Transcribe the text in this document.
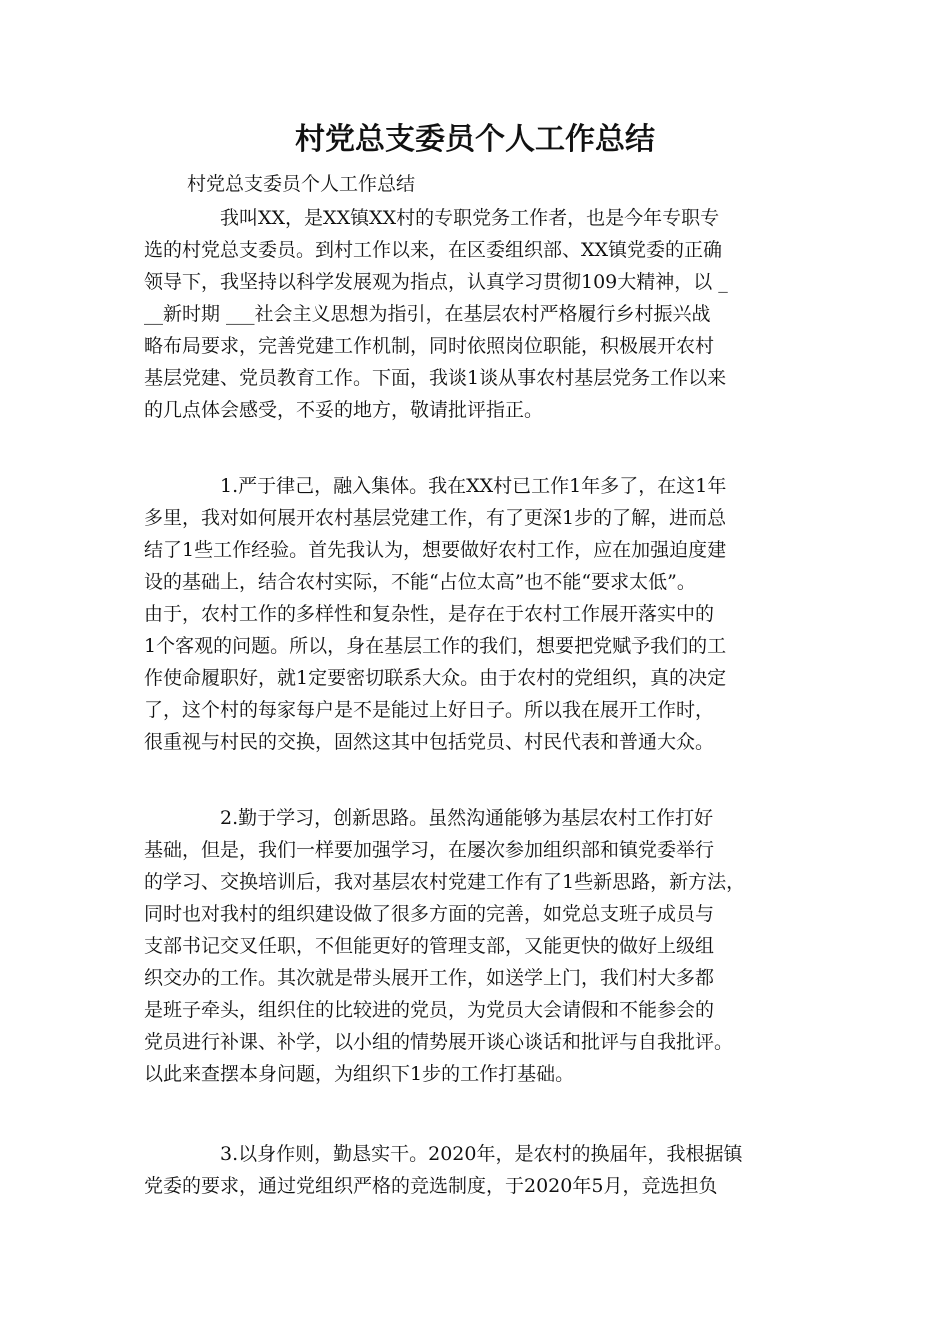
村党总支委员个人工作总结

村党总支委员个人工作总结

我叫XX，是XX镇XX村的专职党务工作者，也是今年专职专
选的村党总支委员。到村工作以来，在区委组织部、XX镇党委的正确
领导下，我坚持以科学发展观为指点，认真学习贯彻109大精神，以 _
__新时期 ___社会主义思想为指引，在基层农村严格履行乡村振兴战
略布局要求，完善党建工作机制，同时依照岗位职能，积极展开农村
基层党建、党员教育工作。下面，我谈1谈从事农村基层党务工作以来
的几点体会感受，不妥的地方，敬请批评指正。
1.严于律己，融入集体。我在XX村已工作1年多了，在这1年
多里，我对如何展开农村基层党建工作，有了更深1步的了解，进而总
结了1些工作经验。首先我认为，想要做好农村工作，应在加强迫度建
设的基础上，结合农村实际，不能“占位太高”也不能“要求太低”。
由于，农村工作的多样性和复杂性，是存在于农村工作展开落实中的
1个客观的问题。所以，身在基层工作的我们，想要把党赋予我们的工
作使命履职好，就1定要密切联系大众。由于农村的党组织，真的决定
了，这个村的每家每户是不是能过上好日子。所以我在展开工作时，
很重视与村民的交换，固然这其中包括党员、村民代表和普通大众。
2.勤于学习，创新思路。虽然沟通能够为基层农村工作打好
基础，但是，我们一样要加强学习，在屡次参加组织部和镇党委举行
的学习、交换培训后，我对基层农村党建工作有了1些新思路，新方法，
同时也对我村的组织建设做了很多方面的完善，如党总支班子成员与
支部书记交叉任职，不但能更好的管理支部，又能更快的做好上级组
织交办的工作。其次就是带头展开工作，如送学上门，我们村大多都
是班子牵头，组织住的比较进的党员，为党员大会请假和不能参会的
党员进行补课、补学，以小组的情势展开谈心谈话和批评与自我批评。
以此来查摆本身问题，为组织下1步的工作打基础。
3.以身作则，勤恳实干。2020年，是农村的换届年，我根据镇
党委的要求，通过党组织严格的竞选制度，于2020年5月，竞选担负
